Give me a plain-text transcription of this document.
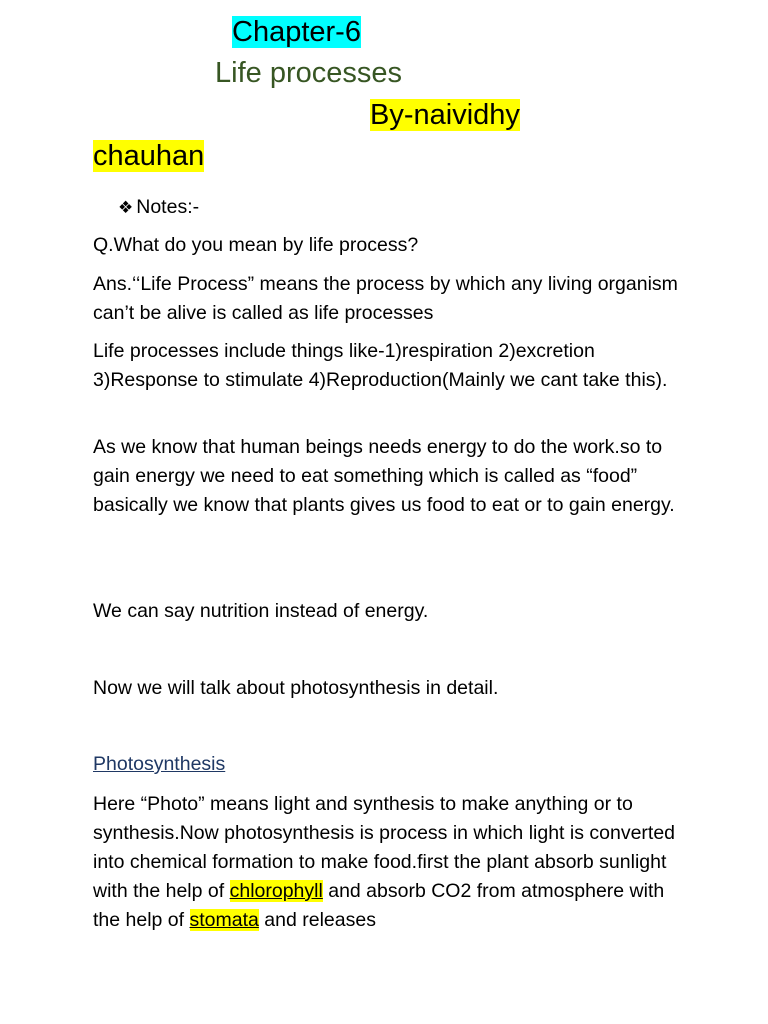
Chapter-6
Life processes
By-naividhy
chauhan
❖ Notes:-

Q.What do you mean by life process?

Ans.‘‘Life Process” means the process by which any living organism can’t be alive is called as life processes

Life processes include things like-1)respiration 2)excretion 3)Response to stimulate 4)Reproduction(Mainly we cant take this).

As we know that human beings needs energy to do the work.so to gain energy we need to eat something which is called as “food” basically we know that plants gives us food to eat or to gain energy.

We can say nutrition instead of energy.

Now we will talk about photosynthesis in detail.

Photosynthesis

Here “Photo” means light and synthesis to make anything or to synthesis.Now photosynthesis is process in which light is converted into chemical formation to make food.first the plant absorb sunlight with the help of chlorophyll and absorb CO2 from atmosphere with the help of stomata and releases
